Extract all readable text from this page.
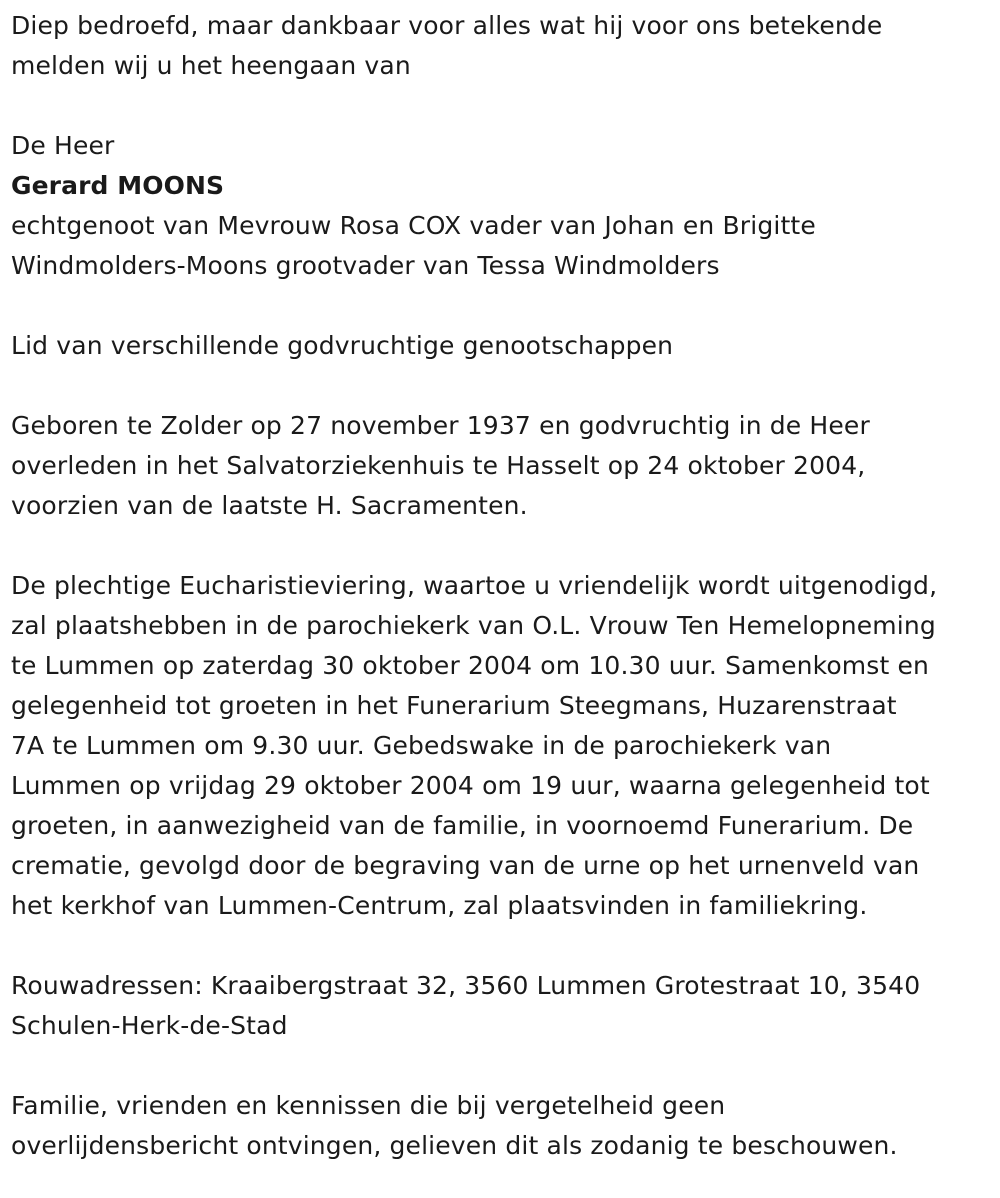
Diep bedroefd, maar dankbaar voor alles wat hij voor ons betekende
melden wij u het heengaan van
De Heer
Gerard MOONS
echtgenoot van Mevrouw Rosa COX vader van Johan en Brigitte
Windmolders-Moons grootvader van Tessa Windmolders
Lid van verschillende godvruchtige genootschappen
Geboren te Zolder op 27 november 1937 en godvruchtig in de Heer
overleden in het Salvatorziekenhuis te Hasselt op 24 oktober 2004,
voorzien van de laatste H. Sacramenten.
De plechtige Eucharistieviering, waartoe u vriendelijk wordt uitgenodigd,
zal plaatshebben in de parochiekerk van O.L. Vrouw Ten Hemelopneming
te Lummen op zaterdag 30 oktober 2004 om 10.30 uur. Samenkomst en
gelegenheid tot groeten in het Funerarium Steegmans, Huzarenstraat
7A te Lummen om 9.30 uur. Gebedswake in de parochiekerk van
Lummen op vrijdag 29 oktober 2004 om 19 uur, waarna gelegenheid tot
groeten, in aanwezigheid van de familie, in voornoemd Funerarium. De
crematie, gevolgd door de begraving van de urne op het urnenveld van
het kerkhof van Lummen-Centrum, zal plaatsvinden in familiekring.
Rouwadressen: Kraaibergstraat 32, 3560 Lummen Grotestraat 10, 3540
Schulen-Herk-de-Stad
Familie, vrienden en kennissen die bij vergetelheid geen
overlijdensbericht ontvingen, gelieven dit als zodanig te beschouwen.
